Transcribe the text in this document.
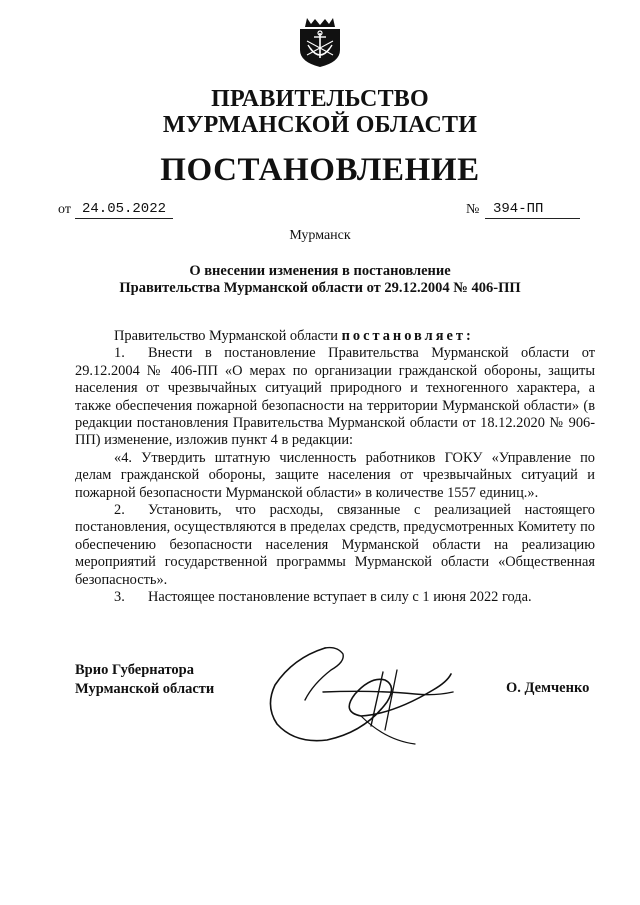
ПРАВИТЕЛЬСТВО
МУРМАНСКОЙ ОБЛАСТИ
ПОСТАНОВЛЕНИЕ
от 24.05.2022	№ 394-ПП
Мурманск
О внесении изменения в постановление
Правительства Мурманской области от 29.12.2004 № 406-ПП

Правительство Мурманской области постановляет:

1. Внести в постановление Правительства Мурманской области от 29.12.2004 № 406-ПП «О мерах по организации гражданской обороны, защиты населения от чрезвычайных ситуаций природного и техногенного характера, а также обеспечения пожарной безопасности на территории Мурманской области» (в редакции постановления Правительства Мурманской области от 18.12.2020 № 906-ПП) изменение, изложив пункт 4 в редакции:

«4. Утвердить штатную численность работников ГОКУ «Управление по делам гражданской обороны, защите населения от чрезвычайных ситуаций и пожарной безопасности Мурманской области» в количестве 1557 единиц.».

2. Установить, что расходы, связанные с реализацией настоящего постановления, осуществляются в пределах средств, предусмотренных Комитету по обеспечению безопасности населения Мурманской области на реализацию мероприятий государственной программы Мурманской области «Общественная безопасность».

3. Настоящее постановление вступает в силу с 1 июня 2022 года.

Врио Губернатора
Мурманской области	О. Демченко
